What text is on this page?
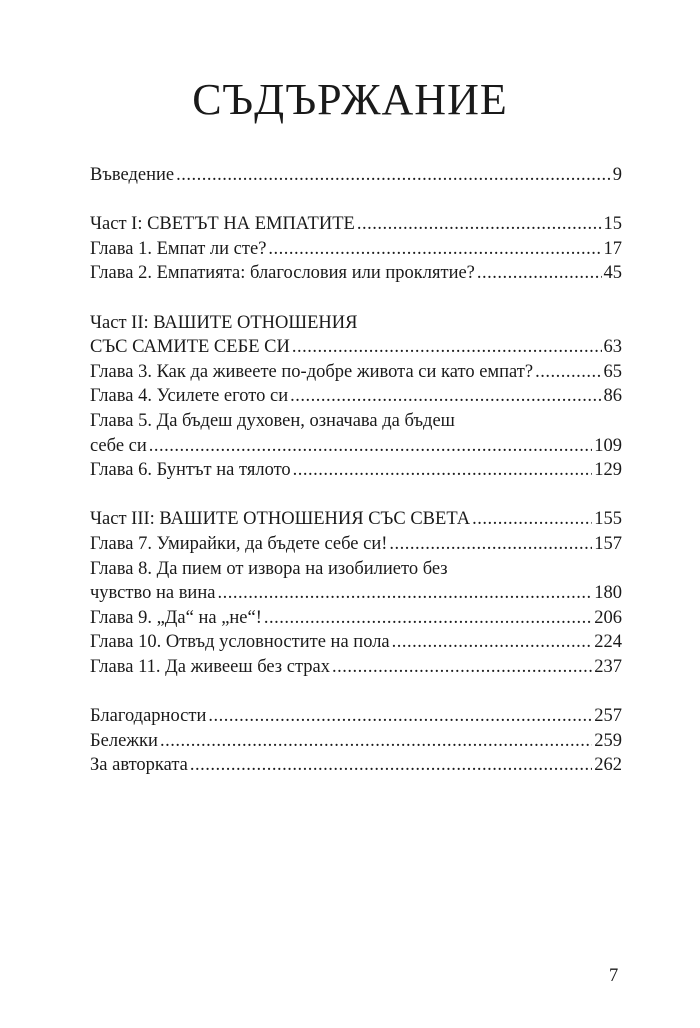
СЪДЪРЖАНИЕ
Въведение .....	9
Част I: СВЕТЪТ НА ЕМПАТИТЕ .....	15
Глава 1. Емпат ли сте? .....	17
Глава 2. Емпатията: благословия или проклятие? .....	45
Част II: ВАШИТЕ ОТНОШЕНИЯ
СЪС САМИТЕ СЕБЕ СИ .....	63
Глава 3. Как да живеете по-добре живота си като емпат? .....	65
Глава 4. Усилете егото си .....	86
Глава 5. Да бъдеш духовен, означава да бъдеш
себе си .....	109
Глава 6. Бунтът на тялото .....	129
Част III: ВАШИТЕ ОТНОШЕНИЯ СЪС СВЕТА .....	155
Глава 7. Умирайки, да бъдете себе си! .....	157
Глава 8. Да пием от извора на изобилието без
чувство на вина .....	180
Глава 9. „Да“ на „не“! .....	206
Глава 10. Отвъд условностите на пола .....	224
Глава 11. Да живееш без страх .....	237
Благодарности .....	257
Бележки .....	259
За авторката .....	262
7
